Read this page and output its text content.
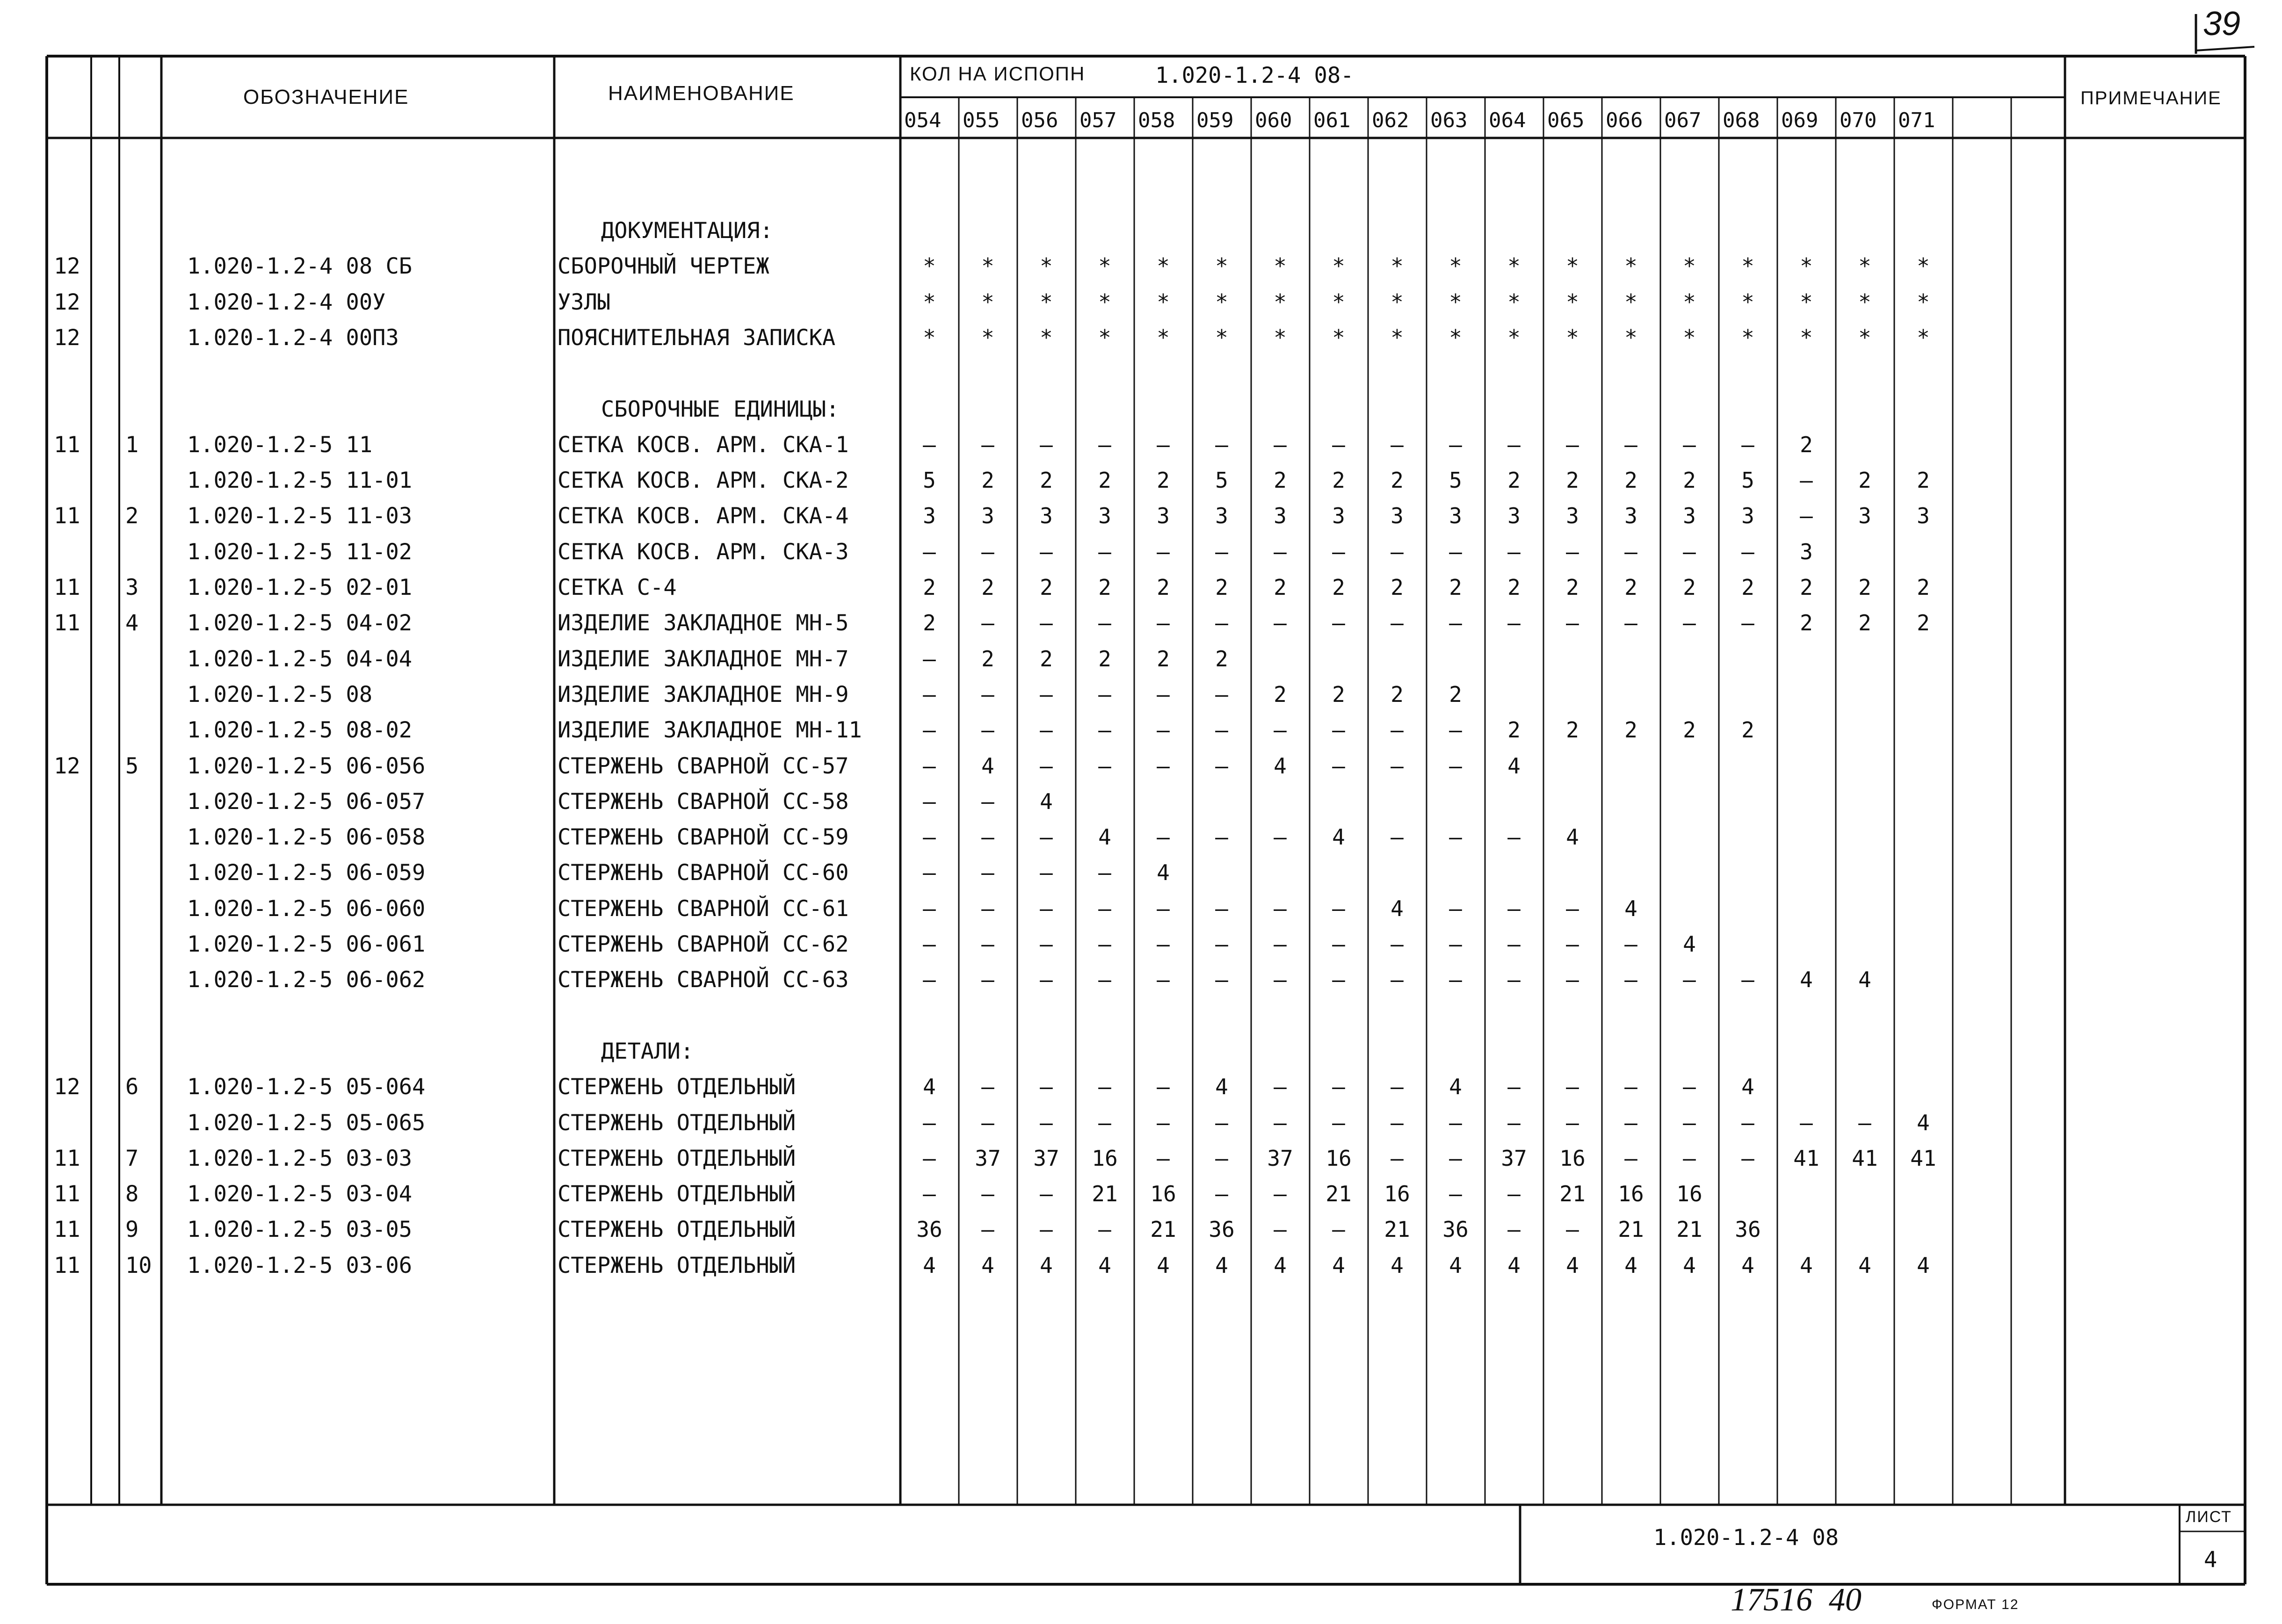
39
ОБОЗНАЧЕНИЕ	НАИМЕНОВАНИЕ
КОЛ НА ИСПОПН	1.020-1.2-4 08-
ПРИМЕЧАНИЕ
054 055 056 057 058 059 060 061 062 063 064 065 066 067 068 069 070 071
ДОКУМЕНТАЦИЯ:
12	1.020-1.2-4 08 СБ	СБОРОЧНЫЙ ЧЕРТЕЖ	*	*	*	*	*	*	*	*	*	*	*	*	*	*	*	*	*	*
12	1.020-1.2-4 00У	УЗЛЫ	*	*	*	*	*	*	*	*	*	*	*	*	*	*	*	*	*	*
12	1.020-1.2-4 00ПЗ	ПОЯСНИТЕЛЬНАЯ ЗАПИСКА	*	*	*	*	*	*	*	*	*	*	*	*	*	*	*	*	*	*
СБОРОЧНЫЕ ЕДИНИЦЫ:
11 1 1.020-1.2-5 11	СЕТКА КОСВ. АРМ. СКА-1	–	–	–	–	–	–	–	–	–	–	–	–	–	–	–	2
1.020-1.2-5 11-01	СЕТКА КОСВ. АРМ. СКА-2	5	2	2	2	2	5	2	2	2	5	2	2	2	2	5	–	2	2
11 2 1.020-1.2-5 11-03	СЕТКА КОСВ. АРМ. СКА-4	3	3	3	3	3	3	3	3	3	3	3	3	3	3	3	–	3	3
1.020-1.2-5 11-02	СЕТКА КОСВ. АРМ. СКА-3	–	–	–	–	–	–	–	–	–	–	–	–	–	–	–	3
11 3 1.020-1.2-5 02-01	СЕТКА С-4	2	2	2	2	2	2	2	2	2	2	2	2	2	2	2	2	2	2
11 4 1.020-1.2-5 04-02	ИЗДЕЛИЕ ЗАКЛАДНОЕ МН-5	2	–	–	–	–	–	–	–	–	–	–	–	–	–	–	2	2	2
1.020-1.2-5 04-04	ИЗДЕЛИЕ ЗАКЛАДНОЕ МН-7	–	2	2	2	2	2
1.020-1.2-5 08	ИЗДЕЛИЕ ЗАКЛАДНОЕ МН-9	–	–	–	–	–	–	2	2	2	2
1.020-1.2-5 08-02	ИЗДЕЛИЕ ЗАКЛАДНОЕ МН-11	–	–	–	–	–	–	–	–	–	–	2	2	2	2	2
12 5 1.020-1.2-5 06-056	СТЕРЖЕНЬ СВАРНОЙ СС-57	–	4	–	–	–	–	4	–	–	–	4
1.020-1.2-5 06-057	СТЕРЖЕНЬ СВАРНОЙ СС-58	–	–	4
1.020-1.2-5 06-058	СТЕРЖЕНЬ СВАРНОЙ СС-59	–	–	–	4	–	–	–	4	–	–	–	4
1.020-1.2-5 06-059	СТЕРЖЕНЬ СВАРНОЙ СС-60	–	–	–	–	4
1.020-1.2-5 06-060	СТЕРЖЕНЬ СВАРНОЙ СС-61	–	–	–	–	–	–	–	–	4	–	–	–	4
1.020-1.2-5 06-061	СТЕРЖЕНЬ СВАРНОЙ СС-62	–	–	–	–	–	–	–	–	–	–	–	–	–	4
1.020-1.2-5 06-062	СТЕРЖЕНЬ СВАРНОЙ СС-63	–	–	–	–	–	–	–	–	–	–	–	–	–	–	–	4	4
ДЕТАЛИ:
12 6 1.020-1.2-5 05-064	СТЕРЖЕНЬ ОТДЕЛЬНЫЙ	4	–	–	–	–	4	–	–	–	4	–	–	–	–	4
1.020-1.2-5 05-065	СТЕРЖЕНЬ ОТДЕЛЬНЫЙ	–	–	–	–	–	–	–	–	–	–	–	–	–	–	–	–	–	4
11 7 1.020-1.2-5 03-03	СТЕРЖЕНЬ ОТДЕЛЬНЫЙ	–	37	37	16	–	–	37	16	–	–	37	16	–	–	–	41	41	41
11 8 1.020-1.2-5 03-04	СТЕРЖЕНЬ ОТДЕЛЬНЫЙ	–	–	–	21	16	–	–	21	16	–	–	21	16	16
11 9 1.020-1.2-5 03-05	СТЕРЖЕНЬ ОТДЕЛЬНЫЙ	36	–	–	–	21	36	–	–	21	36	–	–	21	21	36
11 10 1.020-1.2-5 03-06	СТЕРЖЕНЬ ОТДЕЛЬНЫЙ	4	4	4	4	4	4	4	4	4	4	4	4	4	4	4	4	4	4
1.020-1.2-4 08
ЛИСТ
4
17516  40	ФОРМАТ 12
